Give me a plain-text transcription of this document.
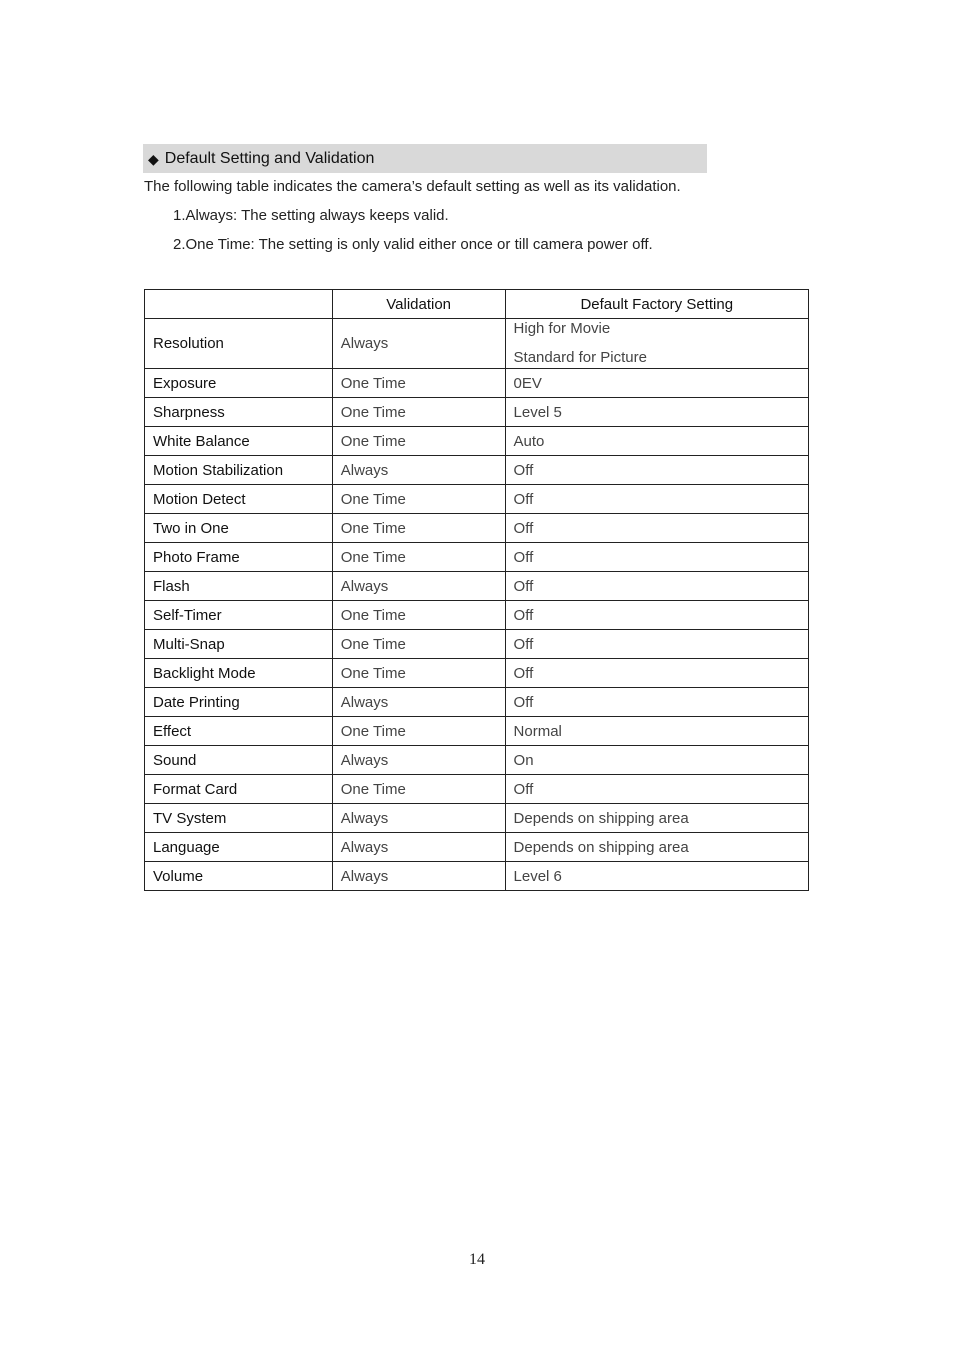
◆ Default Setting and Validation
The following table indicates the camera’s default setting as well as its validation.
1.Always: The setting always keeps valid.
2.One Time: The setting is only valid either once or till camera power off.
	Validation	Default Factory Setting

Resolution	Always	High for Movie
Standard for Picture

Exposure	One Time	0EV
Sharpness	One Time	Level 5
White Balance	One Time	Auto
Motion Stabilization	Always	Off
Motion Detect	One Time	Off
Two in One	One Time	Off
Photo Frame	One Time	Off
Flash	Always	Off
Self-Timer	One Time	Off
Multi-Snap	One Time	Off
Backlight Mode	One Time	Off
Date Printing	Always	Off
Effect	One Time	Normal
Sound	Always	On
Format Card	One Time	Off
TV System	Always	Depends on shipping area
Language	Always	Depends on shipping area
Volume	Always	Level 6
14
